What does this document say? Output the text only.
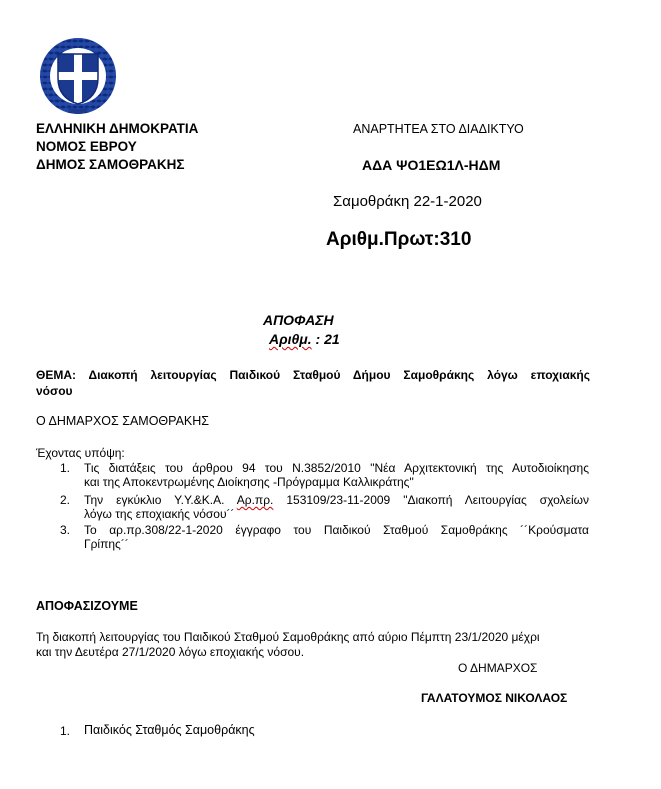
ΕΛΛΗΝΙΚΗ ΔΗΜΟΚΡΑΤΙΑ
ΝΟΜΟΣ ΕΒΡΟΥ
ΔΗΜΟΣ ΣΑΜΟΘΡΑΚΗΣ
ΑΝΑΡΤΗΤΕΑ ΣΤΟ ΔΙΑΔΙΚΤΥΟ
ΑΔΑ ΨΟ1ΕΩ1Λ-ΗΔΜ
Σαμοθράκη 22-1-2020
Αριθμ.Πρωτ:310
ΑΠΟΦΑΣΗ
Αριθμ. : 21
ΘΕΜΑ: Διακοπή λειτουργίας Παιδικού Σταθμού Δήμου Σαμοθράκης λόγω εποχιακής
νόσου
Ο ΔΗΜΑΡΧΟΣ ΣΑΜΟΘΡΑΚΗΣ
Έχοντας υπόψη:
1. Τις διατάξεις του άρθρου 94 του Ν.3852/2010 "Νέα Αρχιτεκτονική της Αυτοδιοίκησης
και της Αποκεντρωμένης Διοίκησης -Πρόγραμμα Καλλικράτης"
2. Την εγκύκλιο Υ.Υ.&Κ.Α. Αρ.πρ. 153109/23-11-2009 "Διακοπή Λειτουργίας σχολείων
λόγω της εποχιακής νόσου´´
3. Το αρ.πρ.308/22-1-2020 έγγραφο του Παιδικού Σταθμού Σαμοθράκης ´´Κρούσματα
Γρίπης´´
ΑΠΟΦΑΣΙΖΟΥΜΕ
Τη διακοπή λειτουργίας του Παιδικού Σταθμού Σαμοθράκης από αύριο Πέμπτη 23/1/2020 μέχρι
και την Δευτέρα 27/1/2020 λόγω εποχιακής νόσου.
Ο ΔΗΜΑΡΧΟΣ
ΓΑΛΑΤΟΥΜΟΣ ΝΙΚΟΛΑΟΣ
1. Παιδικός Σταθμός Σαμοθράκης
